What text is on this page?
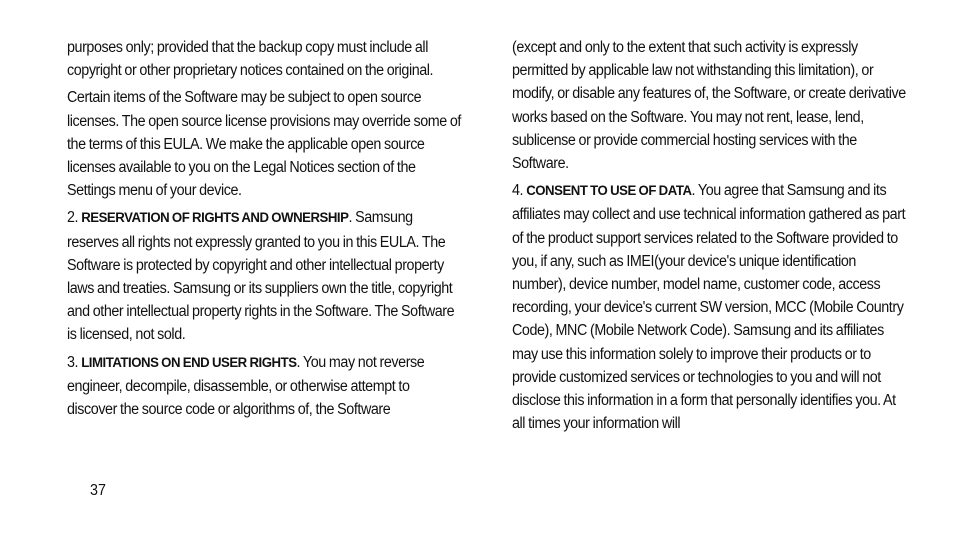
purposes only; provided that the backup copy must include all copyright or other proprietary notices contained on the original.

Certain items of the Software may be subject to open source licenses. The open source license provisions may override some of the terms of this EULA. We make the applicable open source licenses available to you on the Legal Notices section of the Settings menu of your device.

2. RESERVATION OF RIGHTS AND OWNERSHIP. Samsung reserves all rights not expressly granted to you in this EULA. The Software is protected by copyright and other intellectual property laws and treaties. Samsung or its suppliers own the title, copyright and other intellectual property rights in the Software. The Software is licensed, not sold.

3. LIMITATIONS ON END USER RIGHTS. You may not reverse engineer, decompile, disassemble, or otherwise attempt to discover the source code or algorithms of, the Software

(except and only to the extent that such activity is expressly permitted by applicable law not withstanding this limitation), or modify, or disable any features of, the Software, or create derivative works based on the Software. You may not rent, lease, lend, sublicense or provide commercial hosting services with the Software.

4. CONSENT TO USE OF DATA. You agree that Samsung and its affiliates may collect and use technical information gathered as part of the product support services related to the Software provided to you, if any, such as IMEI(your device's unique identification number), device number, model name, customer code, access recording, your device's current SW version, MCC (Mobile Country Code), MNC (Mobile Network Code). Samsung and its affiliates may use this information solely to improve their products or to provide customized services or technologies to you and will not disclose this information in a form that personally identifies you. At all times your information will

37
